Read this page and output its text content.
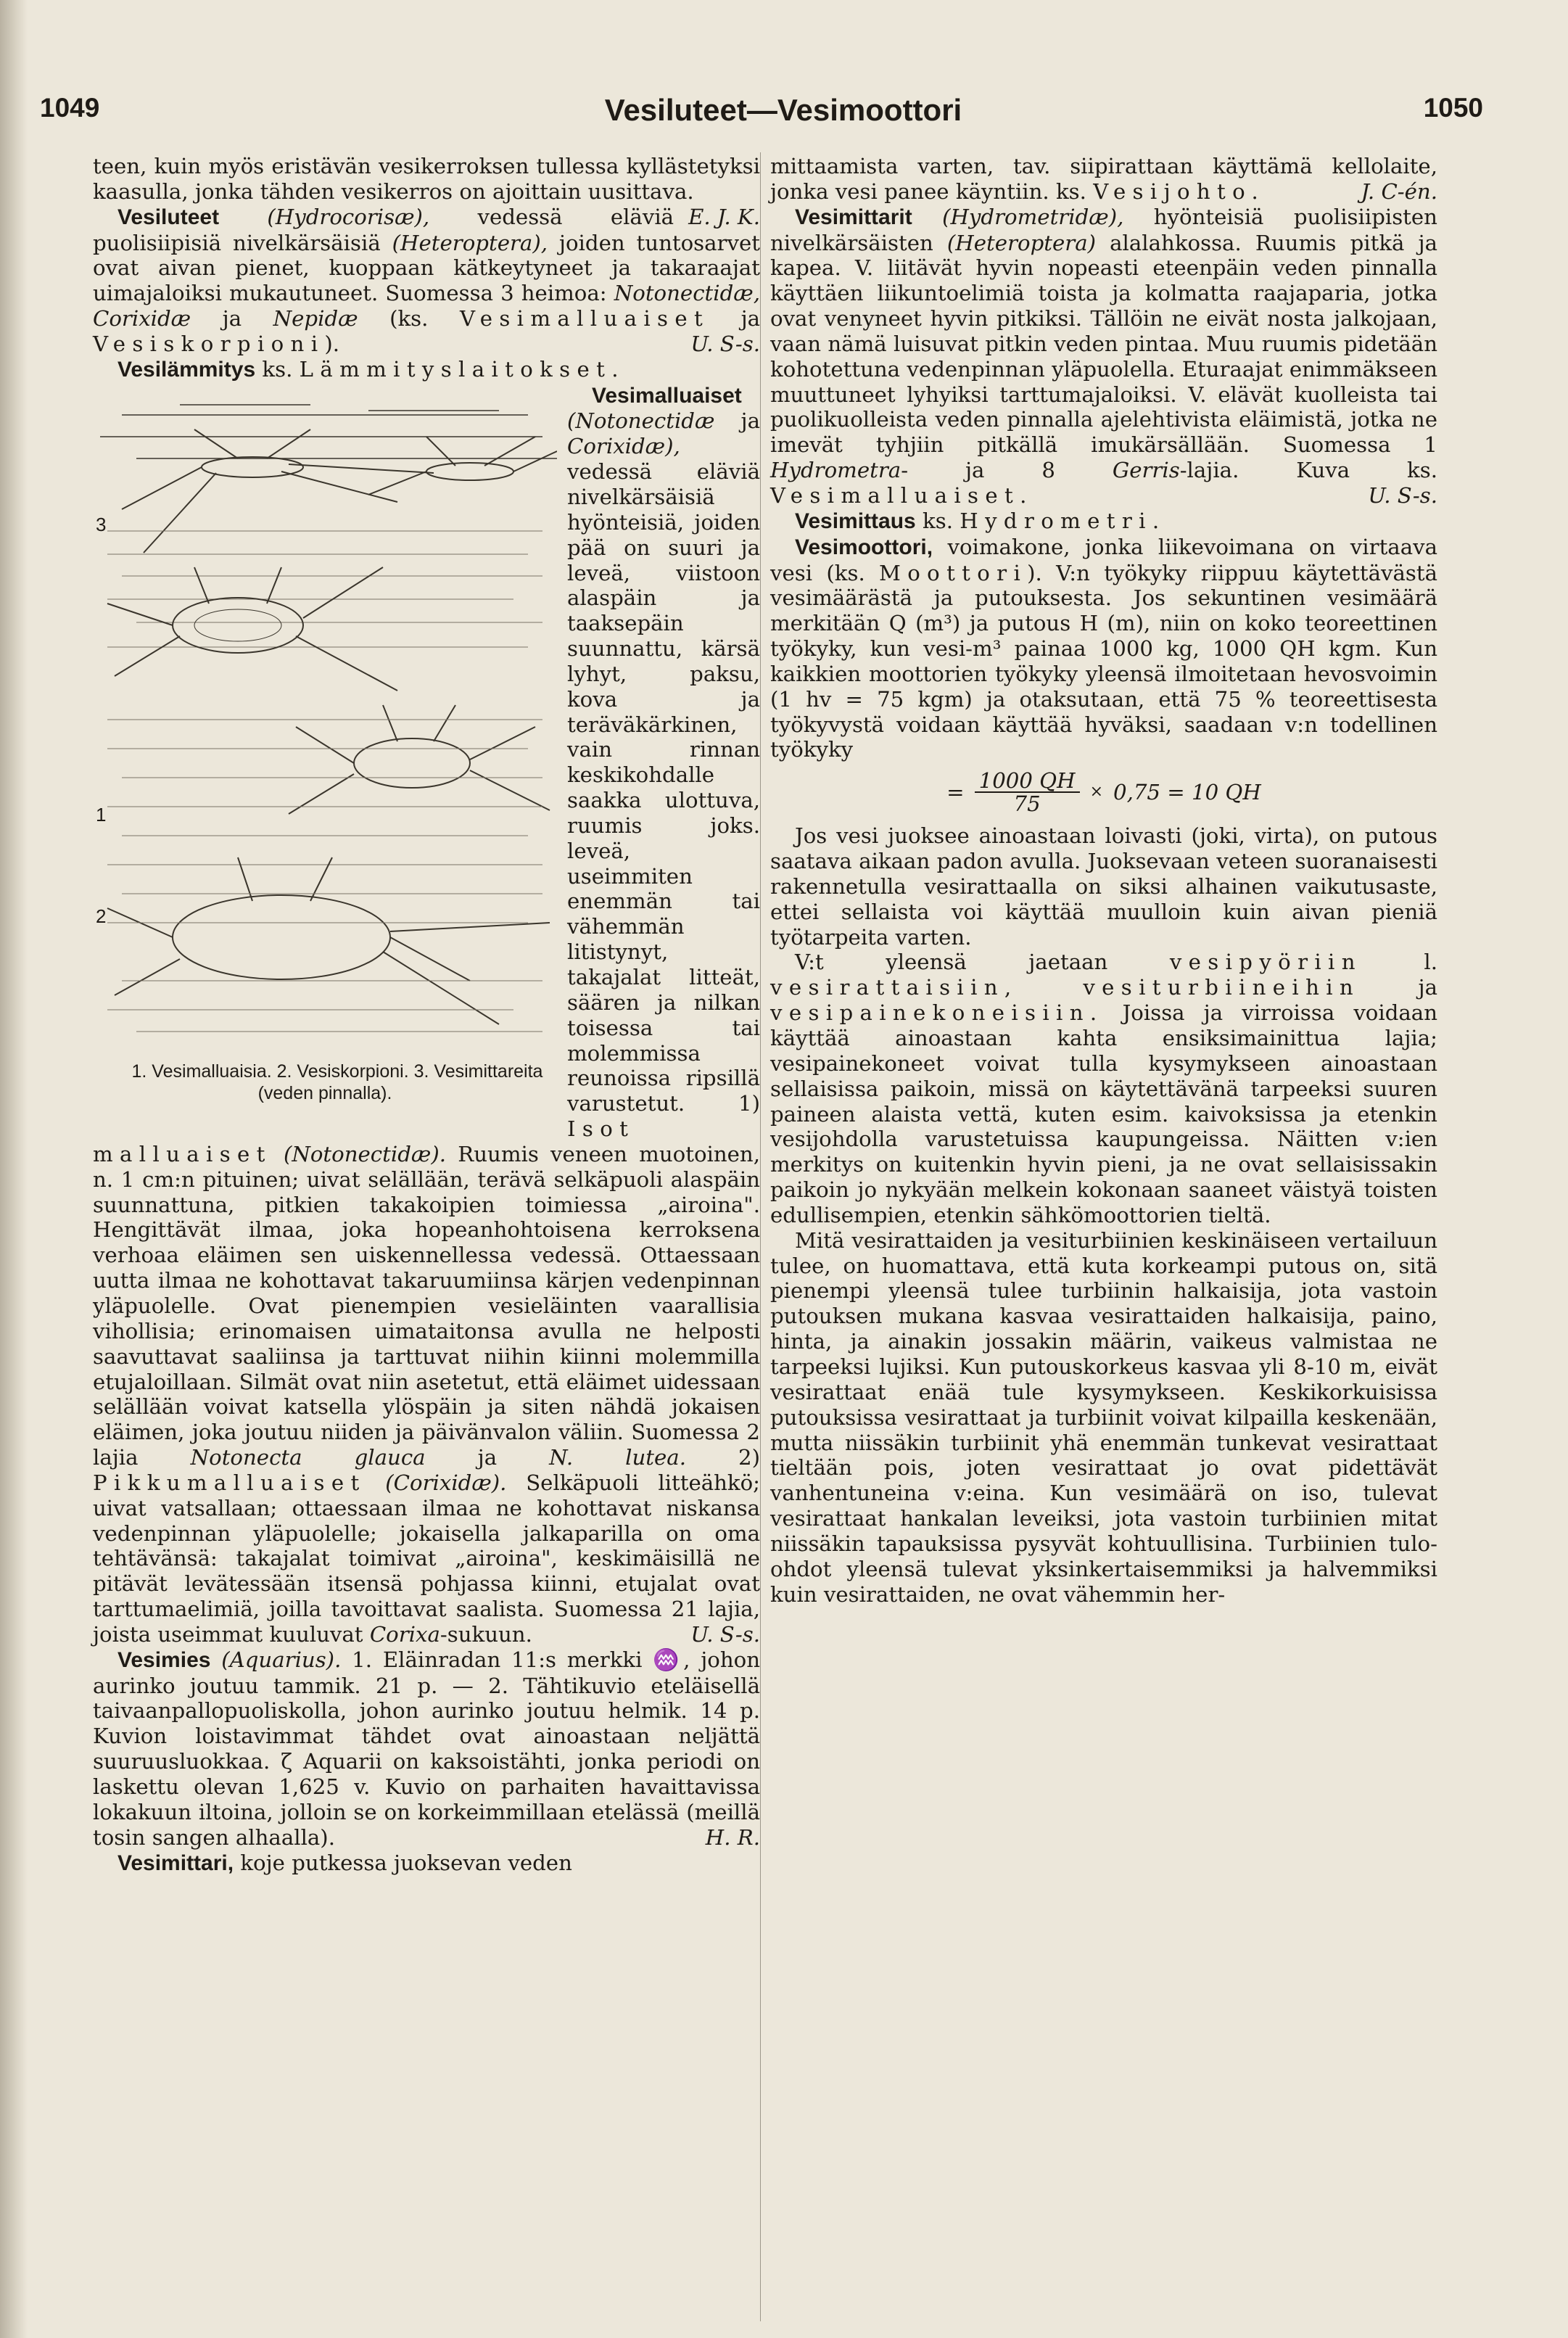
1049	Vesiluteet—Vesimoottori	1050

teen, kuin myös eristävän vesikerroksen tullessa kyllästetyksi kaasulla, jonka tähden vesikerros on ajoittain uusittava.
E. J. K.

Vesiluteet (Hydrocorisæ), vedessä eläviä puolisiipisiä nivelkärsäisiä (Heteroptera), joiden tuntosarvet ovat aivan pienet, kuoppaan kätkeytyneet ja takaraajat uimajaloiksi mukautuneet. Suomessa 3 heimoa: Notonectidæ, Corixidæ ja Nepidæ (ks. Vesimalluaiset ja Vesiskorpioni).	U. S-s.

Vesilämmitys ks. Lämmityslaitokset.

3
1
2
1. Vesimalluaisia. 2. Vesiskorpioni. 3. Vesimittareita (veden pinnalla).
Vesimalluaiset (Notonectidæ ja Corixidæ), vedessä eläviä nivelkärsäisiä hyönteisiä, joiden pää on suuri ja leveä, viistoon alaspäin ja taaksepäin suunnattu, kärsä lyhyt, paksu, kova ja teräväkärkinen, vain rinnan keskikohdalle saakka ulottuva, ruumis joks. leveä, useimmiten enemmän tai vähemmän litistynyt, takajalat litteät, säären ja nilkan toisessa tai molemmissa reunoissa ripsillä varustetut. 1) Isot malluaiset (Notonectidæ). Ruumis veneen muotoinen, n. 1 cm:n pituinen; uivat selällään, terävä selkäpuoli alaspäin suunnattuna, pitkien takakoipien toimiessa „airoina". Hengittävät ilmaa, joka hopeanhohtoisena kerroksena verhoaa eläimen sen uiskennellessa vedessä. Ottaessaan uutta ilmaa ne kohottavat takaruumiinsa kärjen vedenpinnan yläpuolelle. Ovat pienempien vesieläinten vaarallisia vihollisia; erinomaisen uimataitonsa avulla ne helposti saavuttavat saaliinsa ja tarttuvat niihin kiinni molemmilla etujaloillaan. Silmät ovat niin asetetut, että eläimet uidessaan selällään voivat katsella ylöspäin ja siten nähdä jokaisen eläimen, joka joutuu niiden ja päivänvalon väliin. Suomessa 2 lajia Notonecta glauca ja N. lutea. 2) Pikkumalluaiset (Corixidæ). Selkäpuoli litteähkö; uivat vatsallaan; ottaessaan ilmaa ne kohottavat niskansa vedenpinnan yläpuolelle; jokaisella jalkaparilla on oma tehtävänsä: takajalat toimivat „airoina", keskimäisillä ne pitävät levätessään itsensä pohjassa kiinni, etujalat ovat tarttumaelimiä, joilla tavoittavat saalista. Suomessa 21 lajia, joista useimmat kuuluvat Corixa-sukuun.	U. S-s.

Vesimies (Aquarius). 1. Eläinradan 11:s merkki ♒, johon aurinko joutuu tammik. 21 p. — 2. Tähtikuvio eteläisellä taivaanpallopuoliskolla, johon aurinko joutuu helmik. 14 p. Kuvion loistavimmat tähdet ovat ainoastaan neljättä suuruusluokkaa. ζ Aquarii on kaksoistähti, jonka periodi on laskettu olevan 1,625 v. Kuvio on parhaiten havaittavissa lokakuun iltoina, jolloin se on korkeimmillaan etelässä (meillä tosin sangen alhaalla).	H. R.

Vesimittari, koje putkessa juoksevan veden

mittaamista varten, tav. siipirattaan käyttämä kellolaite, jonka vesi panee käyntiin. ks. Vesijohto.	J. C-én.

Vesimittarit (Hydrometridæ), hyönteisiä puolisiipisten nivelkärsäisten (Heteroptera) alalahkossa. Ruumis pitkä ja kapea. V. liitävät hyvin nopeasti eteenpäin veden pinnalla käyttäen liikuntoelimiä toista ja kolmatta raajaparia, jotka ovat venyneet hyvin pitkiksi. Tällöin ne eivät nosta jalkojaan, vaan nämä luisuvat pitkin veden pintaa. Muu ruumis pidetään kohotettuna vedenpinnan yläpuolella. Eturaajat enimmäkseen muuttuneet lyhyiksi tarttumajaloiksi. V. elävät kuolleista tai puolikuolleista veden pinnalla ajelehtivista eläimistä, jotka ne imevät tyhjiin pitkällä imukärsällään. Suomessa 1 Hydrometra- ja 8	Gerris-lajia. Kuva ks. Vesimalluaiset.	U. S-s.

Vesimittaus ks. Hydrometri.

Vesimoottori, voimakone, jonka liikevoimana on virtaava vesi (ks. Moottori). V:n työkyky riippuu käytettävästä vesimäärästä ja putouksesta. Jos sekuntinen vesimäärä merkitään Q (m³) ja putous H (m), niin on koko teoreettinen työkyky, kun vesi-m³ painaa 1000 kg, 1000 QH kgm. Kun kaikkien moottorien työkyky yleensä ilmoitetaan hevosvoimin (1 hv = 75 kgm) ja otaksutaan, että 75 % teoreettisesta työkyvystä voidaan käyttää hyväksi, saadaan v:n todellinen työkyky

= $\frac{1000 QH}{75} \times 0,75 = 10$ QH

Jos vesi juoksee ainoastaan loivasti (joki, virta), on putous saatava aikaan padon avulla. Juoksevaan veteen suoranaisesti rakennetulla vesirattaalla on siksi alhainen vaikutusaste, ettei sellaista voi käyttää muulloin kuin aivan pieniä työtarpeita varten.

V:t yleensä jaetaan	vesipyöriin	l. vesirattaisiin, vesiturbiineihin	ja vesipainekoneisiin. Joissa ja virroissa voidaan käyttää ainoastaan kahta ensiksimainittua lajia; vesipainekoneet voivat tulla kysymykseen ainoastaan sellaisissa paikoin, missä on käytettävänä tarpeeksi suuren paineen alaista vettä, kuten esim. kaivoksissa ja etenkin vesijohdolla varustetuissa kaupungeissa. Näitten v:ien merkitys on kuitenkin hyvin pieni, ja ne ovat sellaisissakin paikoin jo nykyään melkein kokonaan saaneet väistyä toisten edullisempien, etenkin sähkömoottorien tieltä.

Mitä vesirattaiden ja vesiturbiinien keskinäiseen vertailuun tulee, on huomattava, että kuta korkeampi putous on, sitä pienempi yleensä tulee turbiinin halkaisija, jota vastoin putouksen mukana kasvaa vesirattaiden halkaisija, paino, hinta, ja ainakin jossakin määrin, vaikeus valmistaa ne tarpeeksi lujiksi. Kun putouskorkeus kasvaa yli 8-10 m, eivät vesirattaat enää tule kysymykseen. Keskikorkuisissa putouksissa vesirattaat ja turbiinit voivat kilpailla keskenään, mutta niissäkin turbiinit yhä enemmän tunkevat vesirattaat tieltään pois, joten vesirattaat jo ovat pidettävät vanhentuneina v:eina. Kun vesimäärä on iso, tulevat vesirattaat hankalan leveiksi, jota vastoin turbiinien mitat niissäkin tapauksissa pysyvät kohtuullisina. Turbiinien tulo-ohdot yleensä tulevat yksinkertaisemmiksi ja halvemmiksi kuin vesirattaiden, ne ovat vähemmin her-
